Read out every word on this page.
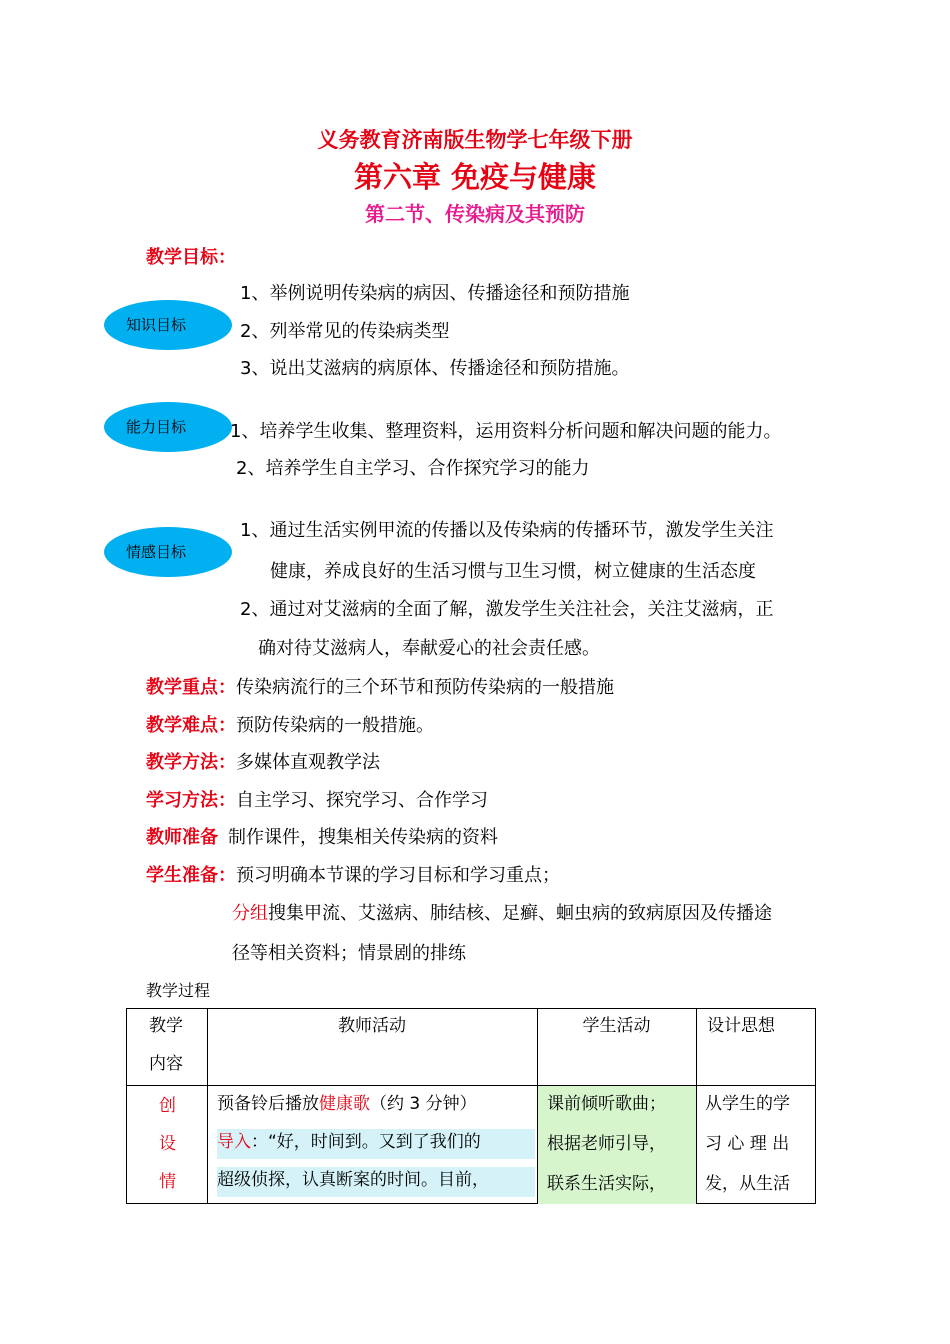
义务教育济南版生物学七年级下册
第六章 免疫与健康
第二节、传染病及其预防
教学目标：
知识目标
1、举例说明传染病的病因、传播途径和预防措施
2、列举常见的传染病类型
3、说出艾滋病的病原体、传播途径和预防措施。
能力目标 1、培养学生收集、整理资料，运用资料分析问题和解决问题的能力。
2、培养学生自主学习、合作探究学习的能力
情感目标
1、通过生活实例甲流的传播以及传染病的传播环节，激发学生关注
健康，养成良好的生活习惯与卫生习惯，树立健康的生活态度
2、通过对艾滋病的全面了解，激发学生关注社会，关注艾滋病，正
确对待艾滋病人，奉献爱心的社会责任感。
教学重点：传染病流行的三个环节和预防传染病的一般措施
教学难点：预防传染病的一般措施。
教学方法：多媒体直观教学法
学习方法：自主学习、探究学习、合作学习
教师准备 制作课件，搜集相关传染病的资料
学生准备：预习明确本节课的学习目标和学习重点；
分组搜集甲流、艾滋病、肺结核、足癣、蛔虫病的致病原因及传播途
径等相关资料；情景剧的排练
教学过程
教学
内容
教师活动	学生活动	设计思想
创
设
情
预备铃后播放健康歌（约 3 分钟）
导入：“好，时间到。又到了我们的
超级侦探，认真断案的时间。目前，
课前倾听歌曲；
根据老师引导，
联系生活实际，
从学生的学
习 心 理 出
发，从生活
